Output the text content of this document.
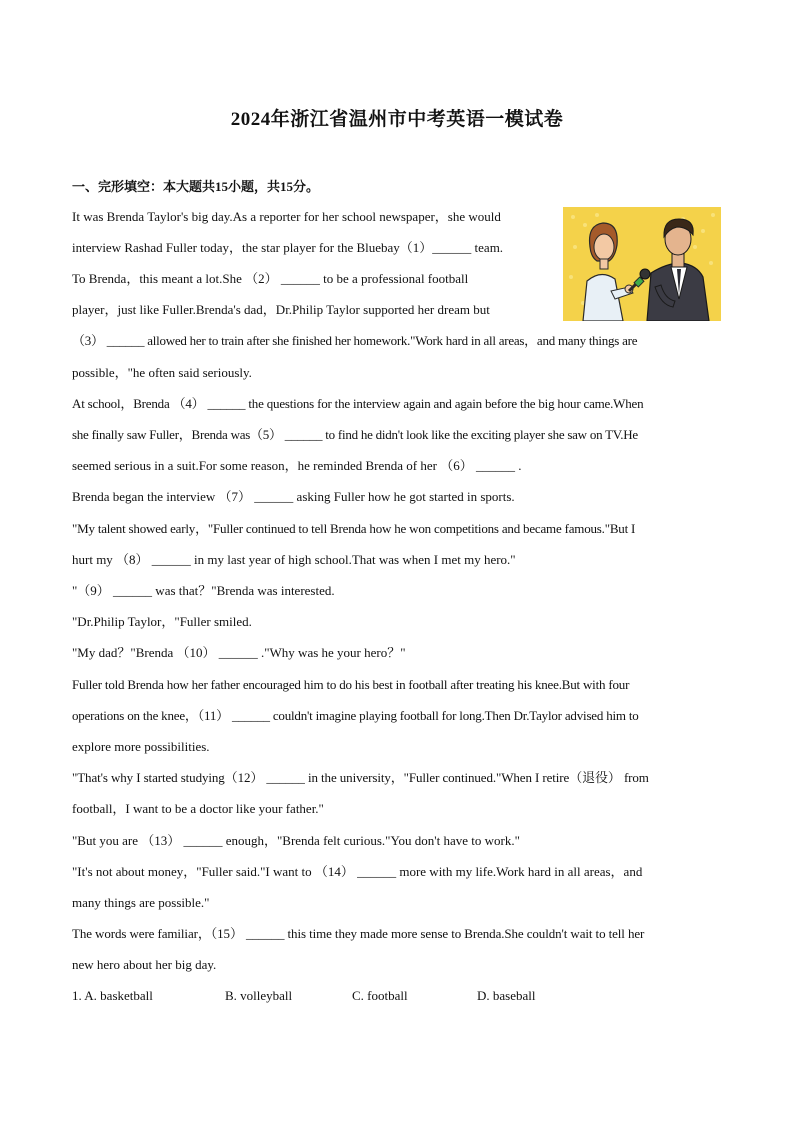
2024年浙江省温州市中考英语一模试卷
一、完形填空：本大题共15小题，共15分。
It was Brenda Taylor's big day.As a reporter for her school newspaper，she would
interview Rashad Fuller today，the star player for the Bluebay（1）______ team.
To Brenda，this meant a lot.She （2） ______ to be a professional football
player，just like Fuller.Brenda's dad，Dr.Philip Taylor supported her dream but
（3） ______ allowed her to train after she finished her homework."Work hard in all areas，and many things are
possible，"he often said seriously.
At school，Brenda （4） ______ the questions for the interview again and again before the big hour came.When
she finally saw Fuller，Brenda was（5） ______ to find he didn't look like the exciting player she saw on TV.He
seemed serious in a suit.For some reason，he reminded Brenda of her （6） ______ .
Brenda began the interview （7） ______ asking Fuller how he got started in sports.
"My talent showed early，"Fuller continued to tell Brenda how he won competitions and became famous."But I
hurt my （8） ______ in my last year of high school.That was when I met my hero."
"（9） ______ was that？"Brenda was interested.
"Dr.Philip Taylor，"Fuller smiled.
"My dad？"Brenda （10） ______ ."Why was he your hero？"
Fuller told Brenda how her father encouraged him to do his best in football after treating his knee.But with four
operations on the knee，（11） ______ couldn't imagine playing football for long.Then Dr.Taylor advised him to
explore more possibilities.
"That's why I started studying（12） ______ in the university，"Fuller continued."When I retire（退役） from
football，I want to be a doctor like your father."
"But you are （13） ______ enough，"Brenda felt curious."You don't have to work."
"It's not about money，"Fuller said."I want to （14） ______ more with my life.Work hard in all areas，and
many things are possible."
The words were familiar，（15） ______ this time they made more sense to Brenda.She couldn't wait to tell her
new hero about her big day.
1. A. basketball	B. volleyball	C. football	D. baseball
